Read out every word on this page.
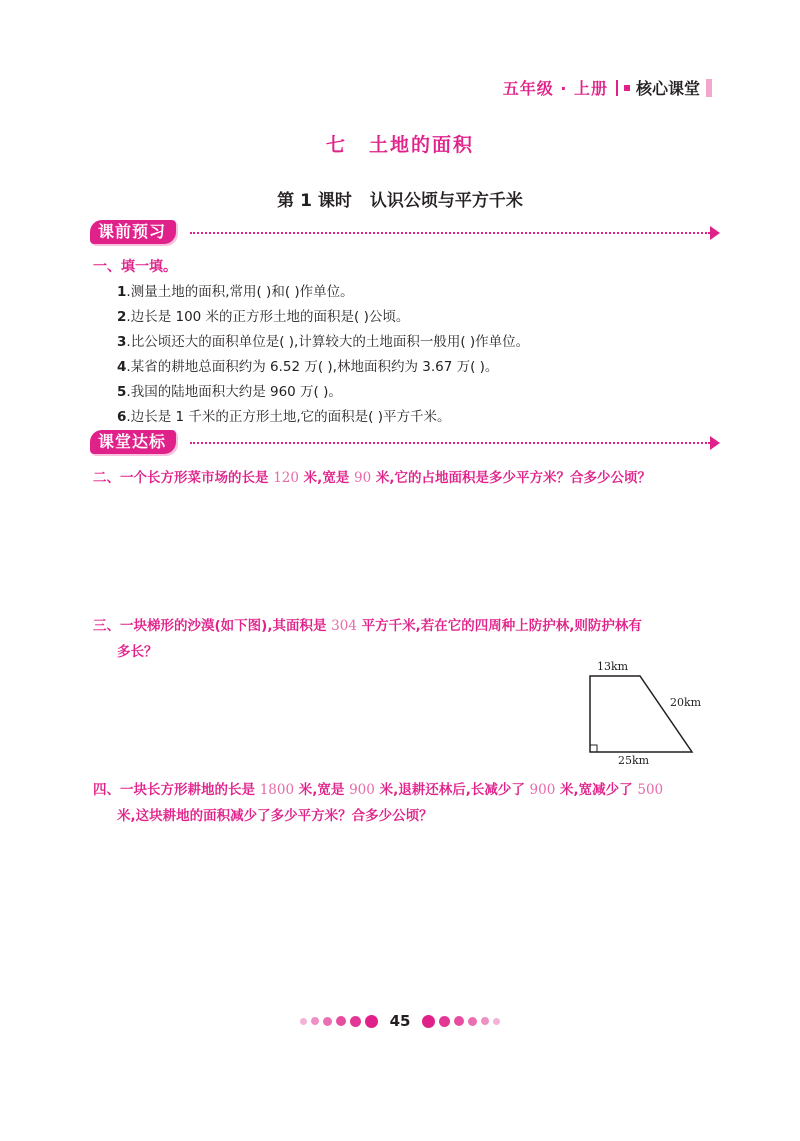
五年级 · 上册 核心课堂
七 土地的面积
第 1 课时 认识公顷与平方千米
课前预习
一、填一填。
1.测量土地的面积,常用( )和( )作单位。
2.边长是 100 米的正方形土地的面积是( )公顷。
3.比公顷还大的面积单位是( ),计算较大的土地面积一般用( )作单位。
4.某省的耕地总面积约为 6.52 万( ),林地面积约为 3.67 万( )。
5.我国的陆地面积大约是 960 万( )。
6.边长是 1 千米的正方形土地,它的面积是( )平方千米。
课堂达标
二、一个长方形菜市场的长是 120 米,宽是 90 米,它的占地面积是多少平方米？合多少公顷？
三、一块梯形的沙漠(如下图),其面积是 304 平方千米,若在它的四周种上防护林,则防护林有
多长？
13km
20km
25km
四、一块长方形耕地的长是 1800 米,宽是 900 米,退耕还林后,长减少了 900 米,宽减少了 500
米,这块耕地的面积减少了多少平方米？合多少公顷？
45
